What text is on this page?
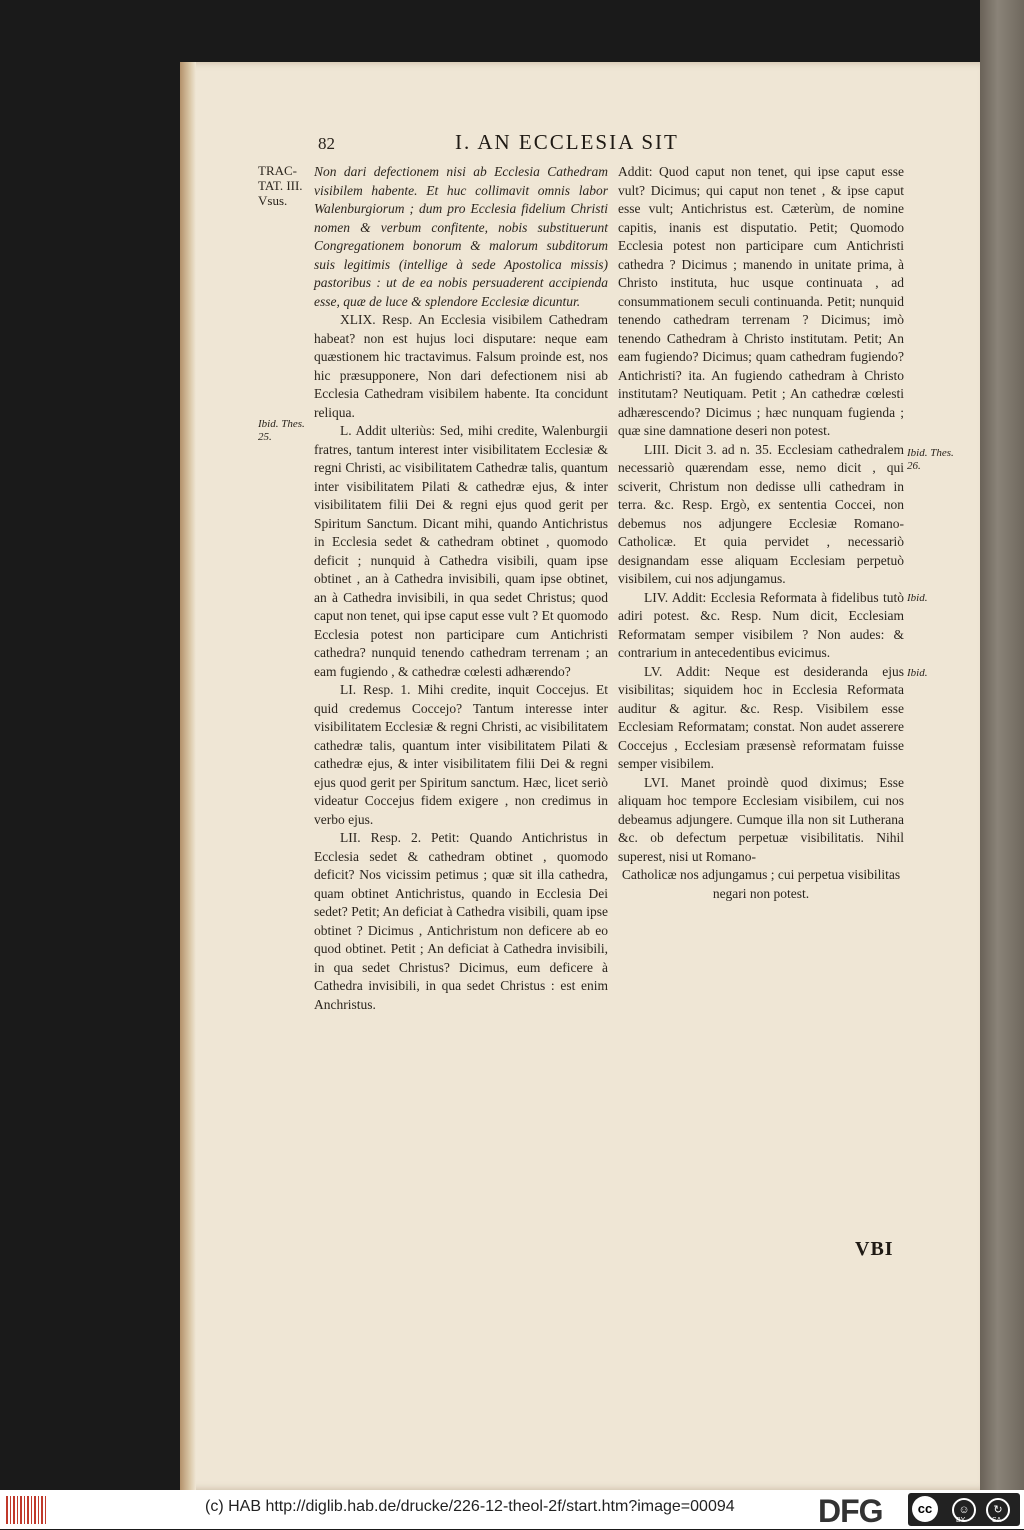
82	I. AN ECCLESIA SIT
TRAC-
TAT. III.
Vsus.
Ibid. Thes.
25.
Ibid. Thes.
26.
Ibid.
Ibid.

Non dari defectionem nisi ab Ecclesia Cathedram visibilem habente. Et huc collimavit omnis labor Walenburgiorum ; dum pro Ecclesia fidelium Christi nomen & verbum confitente, nobis substituerunt Congregationem bonorum & malorum subditorum suis legitimis (intellige à sede Apostolica missis) pastoribus : ut de ea nobis persuaderent accipienda esse, quæ de luce & splendore Ecclesiæ dicuntur.

XLIX. Resp. An Ecclesia visibilem Cathedram habeat? non est hujus loci disputare: neque eam quæstionem hic tractavimus. Falsum proinde est, nos hic præsupponere, Non dari defectionem nisi ab Ecclesia Cathedram visibilem habente. Ita concidunt reliqua.

L. Addit ulteriùs: Sed, mihi credite, Walenburgii fratres, tantum interest inter visibilitatem Ecclesiæ & regni Christi, ac visibilitatem Cathedræ talis, quantum inter visibilitatem Pilati & cathedræ ejus, & inter visibilitatem filii Dei & regni ejus quod gerit per Spiritum Sanctum. Dicant mihi, quando Antichristus in Ecclesia sedet & cathedram obtinet , quomodo deficit ; nunquid à Cathedra visibili, quam ipse obtinet , an à Cathedra invisibili, quam ipse obtinet, an à Cathedra invisibili, in qua sedet Christus; quod caput non tenet, qui ipse caput esse vult ? Et quomodo Ecclesia potest non participare cum Antichristi cathedra? nunquid tenendo cathedram terrenam ; an eam fugiendo , & cathedræ cœlesti adhærendo?

LI. Resp. 1. Mihi credite, inquit Coccejus. Et quid credemus Coccejo? Tantum interesse inter visibilitatem Ecclesiæ & regni Christi, ac visibilitatem cathedræ talis, quantum inter visibilitatem Pilati & cathedræ ejus, & inter visibilitatem filii Dei & regni ejus quod gerit per Spiritum sanctum. Hæc, licet seriò videatur Coccejus fidem exigere , non credimus in verbo ejus.

LII. Resp. 2. Petit: Quando Antichristus in Ecclesia sedet & cathedram obtinet , quomodo deficit? Nos vicissim petimus ; quæ sit illa cathedra, quam obtinet Antichristus, quando in Ecclesia Dei sedet? Petit; An deficiat à Cathedra visibili, quam ipse obtinet ? Dicimus , Antichristum non deficere ab eo quod obtinet. Petit ; An deficiat à Cathedra invisibili, in qua sedet Christus? Dicimus, eum deficere à Cathedra invisibili, in qua sedet Christus : est enim Anchristus.

Addit: Quod caput non tenet, qui ipse caput esse vult? Dicimus; qui caput non tenet , & ipse caput esse vult; Antichristus est. Cæterùm, de nomine capitis, inanis est disputatio. Petit; Quomodo Ecclesia potest non participare cum Antichristi cathedra ? Dicimus ; manendo in unitate prima, à Christo instituta, huc usque continuata , ad consummationem seculi continuanda. Petit; nunquid tenendo cathedram terrenam ? Dicimus; imò tenendo Cathedram à Christo institutam. Petit; An eam fugiendo? Dicimus; quam cathedram fugiendo? Antichristi? ita. An fugiendo cathedram à Christo institutam? Neutiquam. Petit ; An cathedræ cœlesti adhærescendo? Dicimus ; hæc nunquam fugienda ; quæ sine damnatione deseri non potest.

LIII. Dicit 3. ad n. 35. Ecclesiam cathedralem necessariò quærendam esse, nemo dicit , qui sciverit, Christum non dedisse ulli cathedram in terra. &c. Resp. Ergò, ex sententia Coccei, non debemus nos adjungere Ecclesiæ Romano-Catholicæ. Et quia pervidet , necessariò designandam esse aliquam Ecclesiam perpetuò visibilem, cui nos adjungamus.

LIV. Addit: Ecclesia Reformata à fidelibus tutò adiri potest. &c. Resp. Num dicit, Ecclesiam Reformatam semper visibilem ? Non audes: & contrarium in antecedentibus evicimus.

LV. Addit: Neque est desideranda ejus visibilitas; siquidem hoc in Ecclesia Reformata auditur & agitur. &c. Resp. Visibilem esse Ecclesiam Reformatam; constat. Non audet asserere Coccejus , Ecclesiam præsensè reformatam fuisse semper visibilem.

LVI. Manet proindè quod diximus; Esse aliquam hoc tempore Ecclesiam visibilem, cui nos debeamus adjungere. Cumque illa non sit Lutherana &c. ob defectum perpetuæ visibilitatis. Nihil superest, nisi ut Romano-

Catholicæ nos adjungamus ; cui perpetua visibilitas negari non potest.

VBI
(c) HAB http://diglib.hab.de/drucke/226-12-theol-2f/start.htm?image=00094	DFG	cc	☺
BY
↻
SA
